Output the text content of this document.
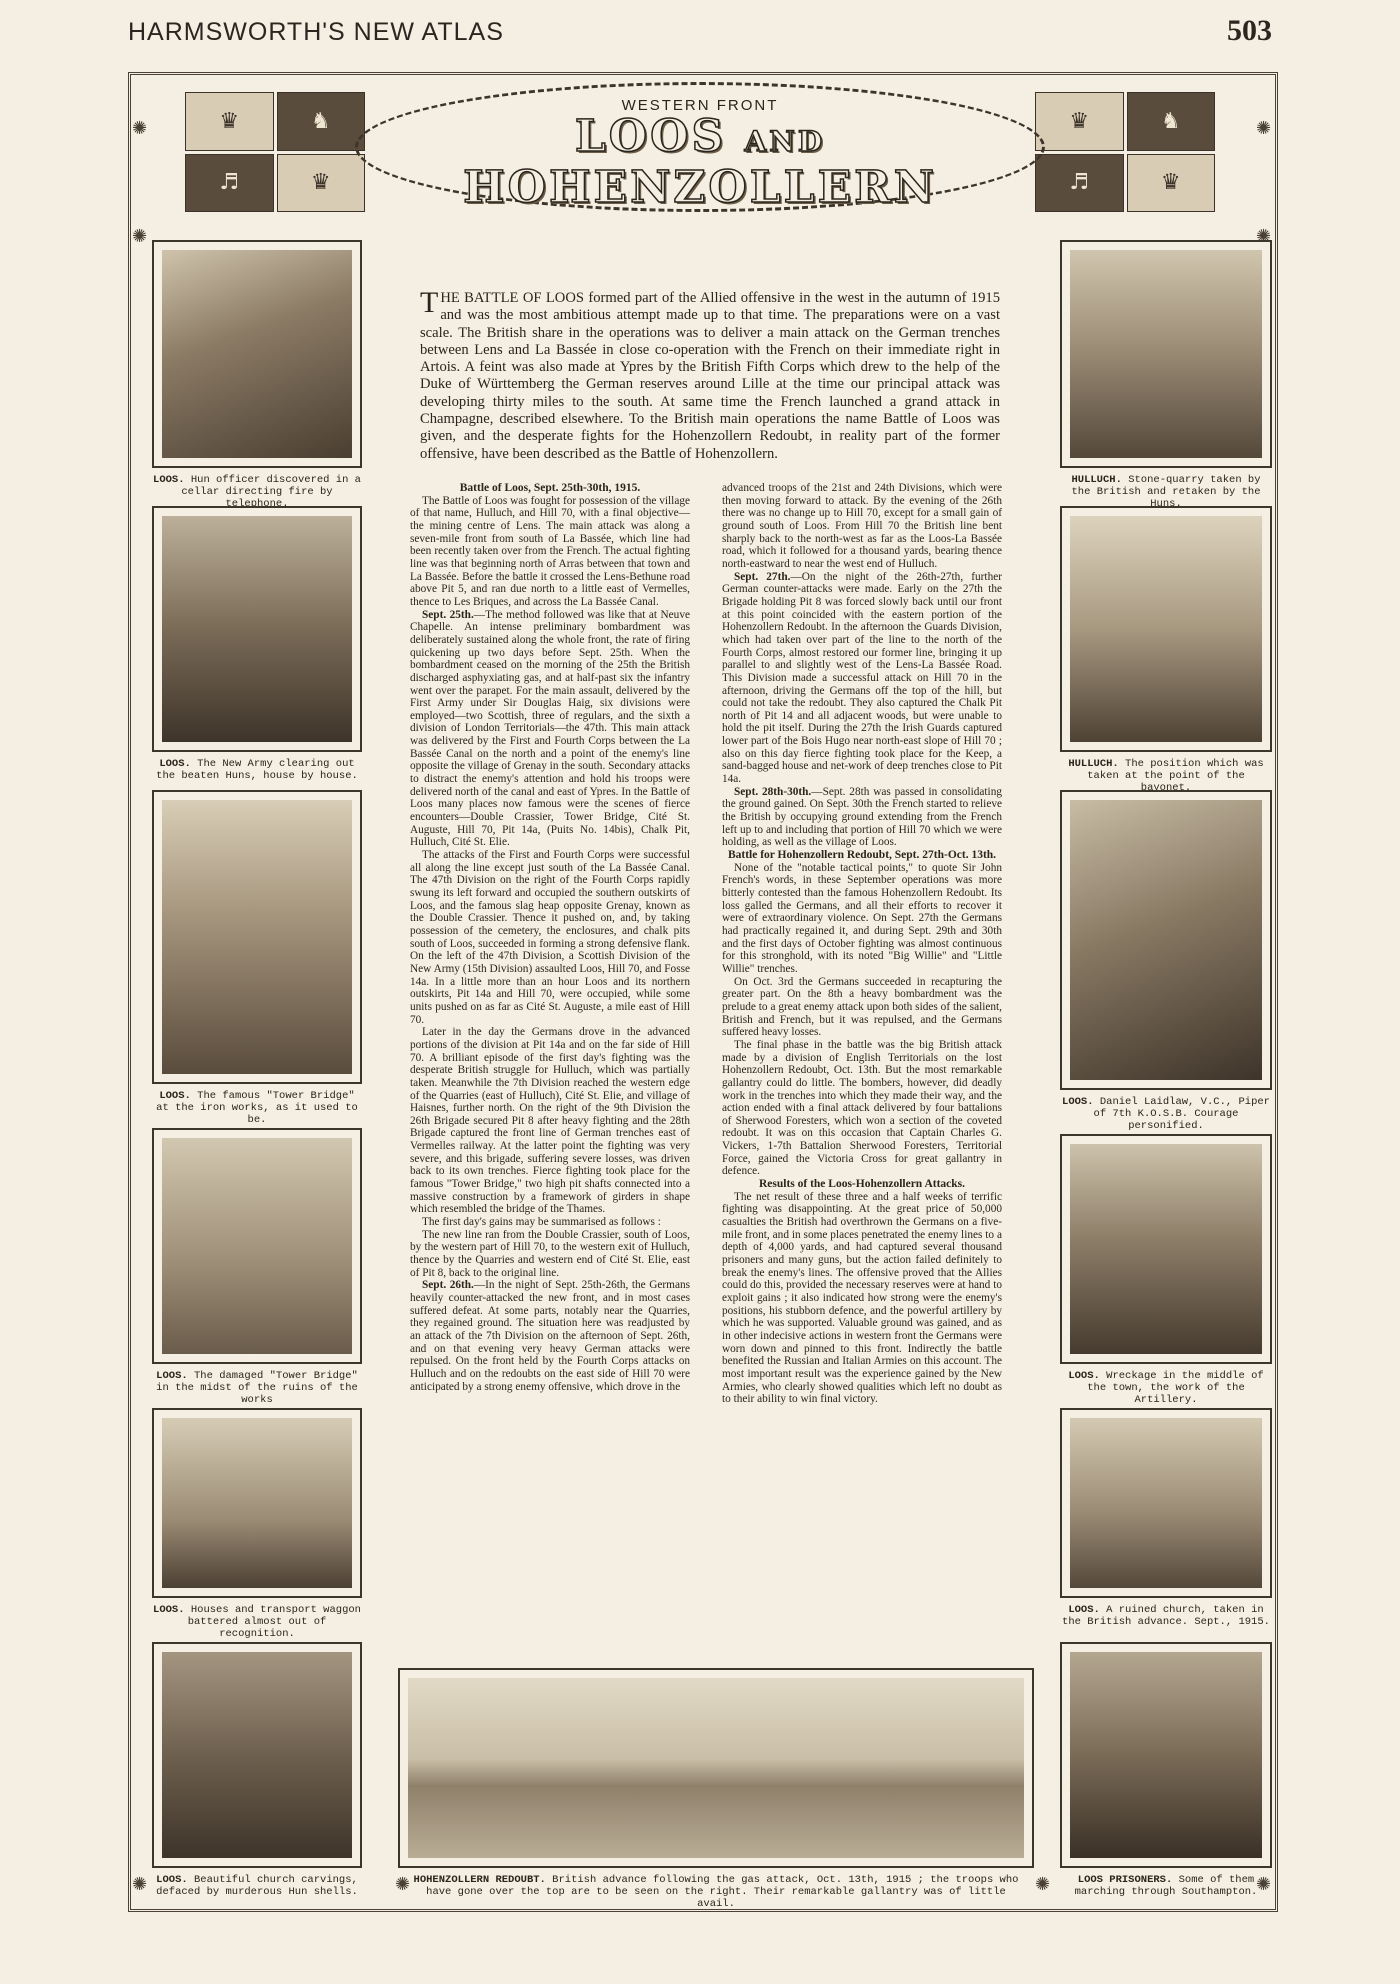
HARMSWORTH'S NEW ATLAS	503
♛	♞
♬	♛
♛	♞
♬	♛
✺	✺
✺	✺
✺	✺
✺	✺
WESTERN FRONT
LOOS AND
HOHENZOLLERN
LOOS. Hun officer discovered in a cellar directing fire by telephone.
LOOS. The New Army clearing out the beaten Huns, house by house.
LOOS. The famous "Tower Bridge" at the iron works, as it used to be.
LOOS. The damaged "Tower Bridge" in the midst of the ruins of the works
LOOS. Houses and transport waggon battered almost out of recognition.
LOOS. Beautiful church carvings, defaced by murderous Hun shells.
HULLUCH. Stone-quarry taken by the British and retaken by the Huns.
HULLUCH. The position which was taken at the point of the bayonet.
LOOS. Daniel Laidlaw, V.C., Piper of 7th K.O.S.B. Courage personified.
LOOS. Wreckage in the middle of the town, the work of the Artillery.
LOOS. A ruined church, taken in the British advance. Sept., 1915.
LOOS PRISONERS. Some of them marching through Southampton.
HOHENZOLLERN REDOUBT. British advance following the gas attack, Oct. 13th, 1915 ; the troops who have gone over the top are to be seen on the right. Their remarkable gallantry was of little avail.
THE BATTLE OF LOOS formed part of the Allied offensive in the west in the autumn of 1915 and was the most ambitious attempt made up to that time. The preparations were on a vast scale. The British share in the operations was to deliver a main attack on the German trenches between Lens and La Bassée in close co-operation with the French on their immediate right in Artois. A feint was also made at Ypres by the British Fifth Corps which drew to the help of the Duke of Württemberg the German reserves around Lille at the time our principal attack was developing thirty miles to the south. At same time the French launched a grand attack in Champagne, described elsewhere. To the British main operations the name Battle of Loos was given, and the desperate fights for the Hohenzollern Redoubt, in reality part of the former offensive, have been described as the Battle of Hohenzollern.
Battle of Loos, Sept. 25th-30th, 1915.

The Battle of Loos was fought for possession of the village of that name, Hulluch, and Hill 70, with a final objective—the mining centre of Lens. The main attack was along a seven-mile front from south of La Bassée, which line had been recently taken over from the French. The actual fighting line was that beginning north of Arras between that town and La Bassée. Before the battle it crossed the Lens-Bethune road above Pit 5, and ran due north to a little east of Vermelles, thence to Les Briques, and across the La Bassée Canal.

Sept. 25th.—The method followed was like that at Neuve Chapelle. An intense preliminary bombardment was deliberately sustained along the whole front, the rate of firing quickening up two days before Sept. 25th. When the bombardment ceased on the morning of the 25th the British discharged asphyxiating gas, and at half-past six the infantry went over the parapet. For the main assault, delivered by the First Army under Sir Douglas Haig, six divisions were employed—two Scottish, three of regulars, and the sixth a division of London Territorials—the 47th. This main attack was delivered by the First and Fourth Corps between the La Bassée Canal on the north and a point of the enemy's line opposite the village of Grenay in the south. Secondary attacks to distract the enemy's attention and hold his troops were delivered north of the canal and east of Ypres. In the Battle of Loos many places now famous were the scenes of fierce encounters—Double Crassier, Tower Bridge, Cité St. Auguste, Hill 70, Pit 14a, (Puits No. 14bis), Chalk Pit, Hulluch, Cité St. Elie.

The attacks of the First and Fourth Corps were successful all along the line except just south of the La Bassée Canal. The 47th Division on the right of the Fourth Corps rapidly swung its left forward and occupied the southern outskirts of Loos, and the famous slag heap opposite Grenay, known as the Double Crassier. Thence it pushed on, and, by taking possession of the cemetery, the enclosures, and chalk pits south of Loos, succeeded in forming a strong defensive flank. On the left of the 47th Division, a Scottish Division of the New Army (15th Division) assaulted Loos, Hill 70, and Fosse 14a. In a little more than an hour Loos and its northern outskirts, Pit 14a and Hill 70, were occupied, while some units pushed on as far as Cité St. Auguste, a mile east of Hill 70.

Later in the day the Germans drove in the advanced portions of the division at Pit 14a and on the far side of Hill 70. A brilliant episode of the first day's fighting was the desperate British struggle for Hulluch, which was partially taken. Meanwhile the 7th Division reached the western edge of the Quarries (east of Hulluch), Cité St. Elie, and village of Haisnes, further north. On the right of the 9th Division the 26th Brigade secured Pit 8 after heavy fighting and the 28th Brigade captured the front line of German trenches east of Vermelles railway. At the latter point the fighting was very severe, and this brigade, suffering severe losses, was driven back to its own trenches. Fierce fighting took place for the famous "Tower Bridge," two high pit shafts connected into a massive construction by a framework of girders in shape which resembled the bridge of the Thames.

The first day's gains may be summarised as follows :

The new line ran from the Double Crassier, south of Loos, by the western part of Hill 70, to the western exit of Hulluch, thence by the Quarries and western end of Cité St. Elie, east of Pit 8, back to the original line.

Sept. 26th.—In the night of Sept. 25th-26th, the Germans heavily counter-attacked the new front, and in most cases suffered defeat. At some parts, notably near the Quarries, they regained ground. The situation here was readjusted by an attack of the 7th Division on the afternoon of Sept. 26th, and on that evening very heavy German attacks were repulsed. On the front held by the Fourth Corps attacks on Hulluch and on the redoubts on the east side of Hill 70 were anticipated by a strong enemy offensive, which drove in the

advanced troops of the 21st and 24th Divisions, which were then moving forward to attack. By the evening of the 26th there was no change up to Hill 70, except for a small gain of ground south of Loos. From Hill 70 the British line bent sharply back to the north-west as far as the Loos-La Bassée road, which it followed for a thousand yards, bearing thence north-eastward to near the west end of Hulluch.

Sept. 27th.—On the night of the 26th-27th, further German counter-attacks were made. Early on the 27th the Brigade holding Pit 8 was forced slowly back until our front at this point coincided with the eastern portion of the Hohenzollern Redoubt. In the afternoon the Guards Division, which had taken over part of the line to the north of the Fourth Corps, almost restored our former line, bringing it up parallel to and slightly west of the Lens-La Bassée Road. This Division made a successful attack on Hill 70 in the afternoon, driving the Germans off the top of the hill, but could not take the redoubt. They also captured the Chalk Pit north of Pit 14 and all adjacent woods, but were unable to hold the pit itself. During the 27th the Irish Guards captured lower part of the Bois Hugo near north-east slope of Hill 70 ; also on this day fierce fighting took place for the Keep, a sand-bagged house and net-work of deep trenches close to Pit 14a.

Sept. 28th-30th.—Sept. 28th was passed in consolidating the ground gained. On Sept. 30th the French started to relieve the British by occupying ground extending from the French left up to and including that portion of Hill 70 which we were holding, as well as the village of Loos.

Battle for Hohenzollern Redoubt, Sept. 27th-Oct. 13th.

None of the "notable tactical points," to quote Sir John French's words, in these September operations was more bitterly contested than the famous Hohenzollern Redoubt. Its loss galled the Germans, and all their efforts to recover it were of extraordinary violence. On Sept. 27th the Germans had practically regained it, and during Sept. 29th and 30th and the first days of October fighting was almost continuous for this stronghold, with its noted "Big Willie" and "Little Willie" trenches.

On Oct. 3rd the Germans succeeded in recapturing the greater part. On the 8th a heavy bombardment was the prelude to a great enemy attack upon both sides of the salient, British and French, but it was repulsed, and the Germans suffered heavy losses.

The final phase in the battle was the big British attack made by a division of English Territorials on the lost Hohenzollern Redoubt, Oct. 13th. But the most remarkable gallantry could do little. The bombers, however, did deadly work in the trenches into which they made their way, and the action ended with a final attack delivered by four battalions of Sherwood Foresters, which won a section of the coveted redoubt. It was on this occasion that Captain Charles G. Vickers, 1-7th Battalion Sherwood Foresters, Territorial Force, gained the Victoria Cross for great gallantry in defence.

Results of the Loos-Hohenzollern Attacks.

The net result of these three and a half weeks of terrific fighting was disappointing. At the great price of 50,000 casualties the British had overthrown the Germans on a five-mile front, and in some places penetrated the enemy lines to a depth of 4,000 yards, and had captured several thousand prisoners and many guns, but the action failed definitely to break the enemy's lines. The offensive proved that the Allies could do this, provided the necessary reserves were at hand to exploit gains ; it also indicated how strong were the enemy's positions, his stubborn defence, and the powerful artillery by which he was supported. Valuable ground was gained, and as in other indecisive actions in western front the Germans were worn down and pinned to this front. Indirectly the battle benefited the Russian and Italian Armies on this account. The most important result was the experience gained by the New Armies, who clearly showed qualities which left no doubt as to their ability to win final victory.
